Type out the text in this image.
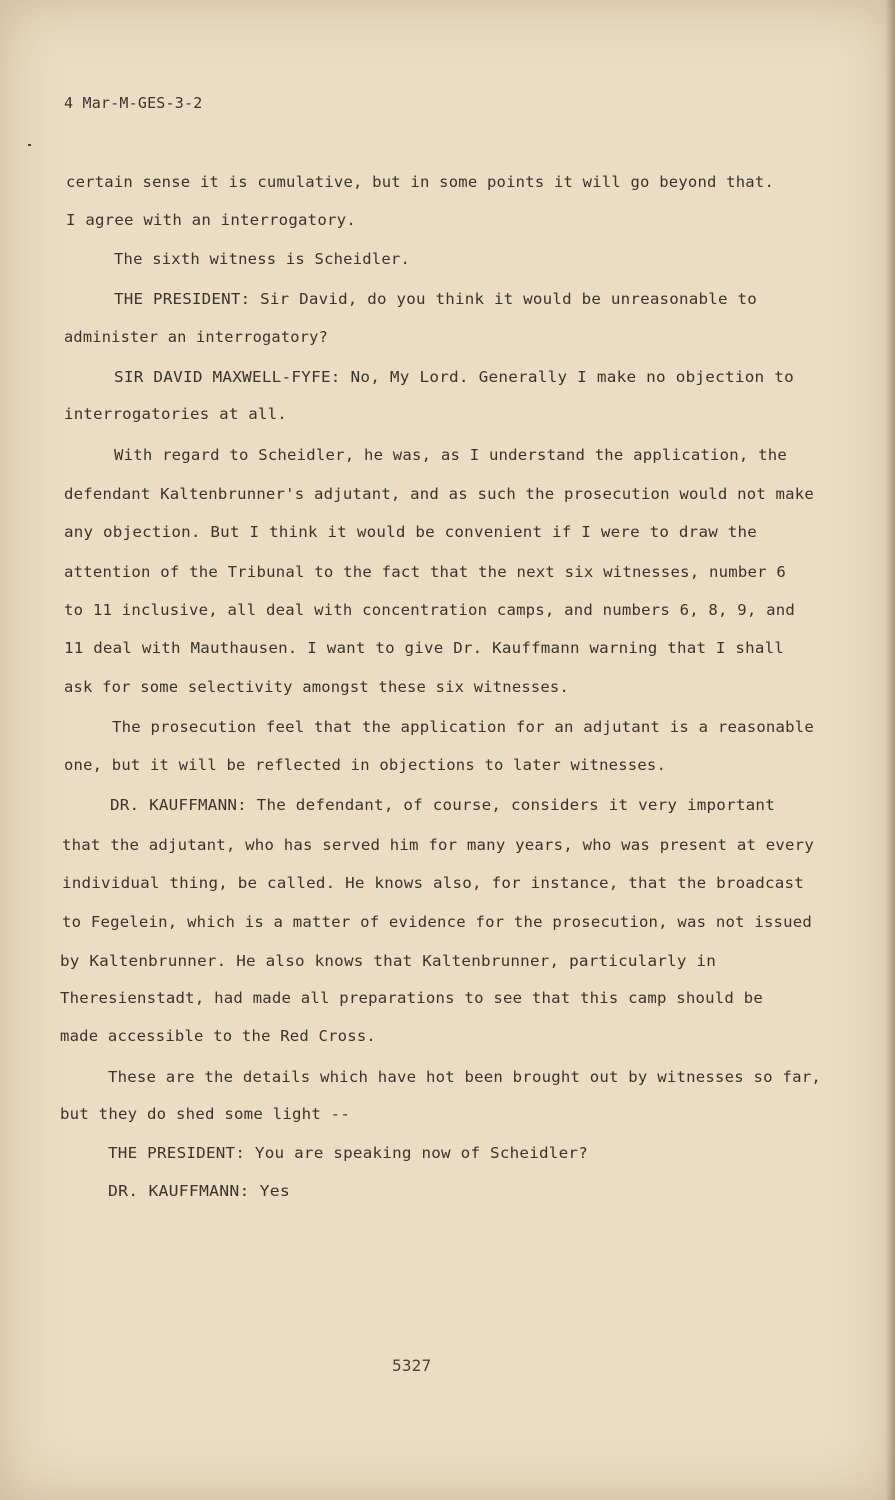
4 Mar-M-GES-3-2
certain sense it is cumulative, but in some points it will go beyond that.
I agree with an interrogatory.
The sixth witness is Scheidler.
THE PRESIDENT: Sir David, do you think it would be unreasonable to
administer an interrogatory?
SIR DAVID MAXWELL-FYFE: No, My Lord. Generally I make no objection to
interrogatories at all.
With regard to Scheidler, he was, as I understand the application, the
defendant Kaltenbrunner's adjutant, and as such the prosecution would not make
any objection. But I think it would be convenient if I were to draw the
attention of the Tribunal to the fact that the next six witnesses, number 6
to 11 inclusive, all deal with concentration camps, and numbers 6, 8, 9, and
11 deal with Mauthausen. I want to give Dr. Kauffmann warning that I shall
ask for some selectivity amongst these six witnesses.
The prosecution feel that the application for an adjutant is a reasonable
one, but it will be reflected in objections to later witnesses.
DR. KAUFFMANN: The defendant, of course, considers it very important
that the adjutant, who has served him for many years, who was present at every
individual thing, be called. He knows also, for instance, that the broadcast
to Fegelein, which is a matter of evidence for the prosecution, was not issued
by Kaltenbrunner. He also knows that Kaltenbrunner, particularly in
Theresienstadt, had made all preparations to see that this camp should be
made accessible to the Red Cross.
These are the details which have hot been brought out by witnesses so far,
but they do shed some light --
THE PRESIDENT: You are speaking now of Scheidler?
DR. KAUFFMANN: Yes
5327
